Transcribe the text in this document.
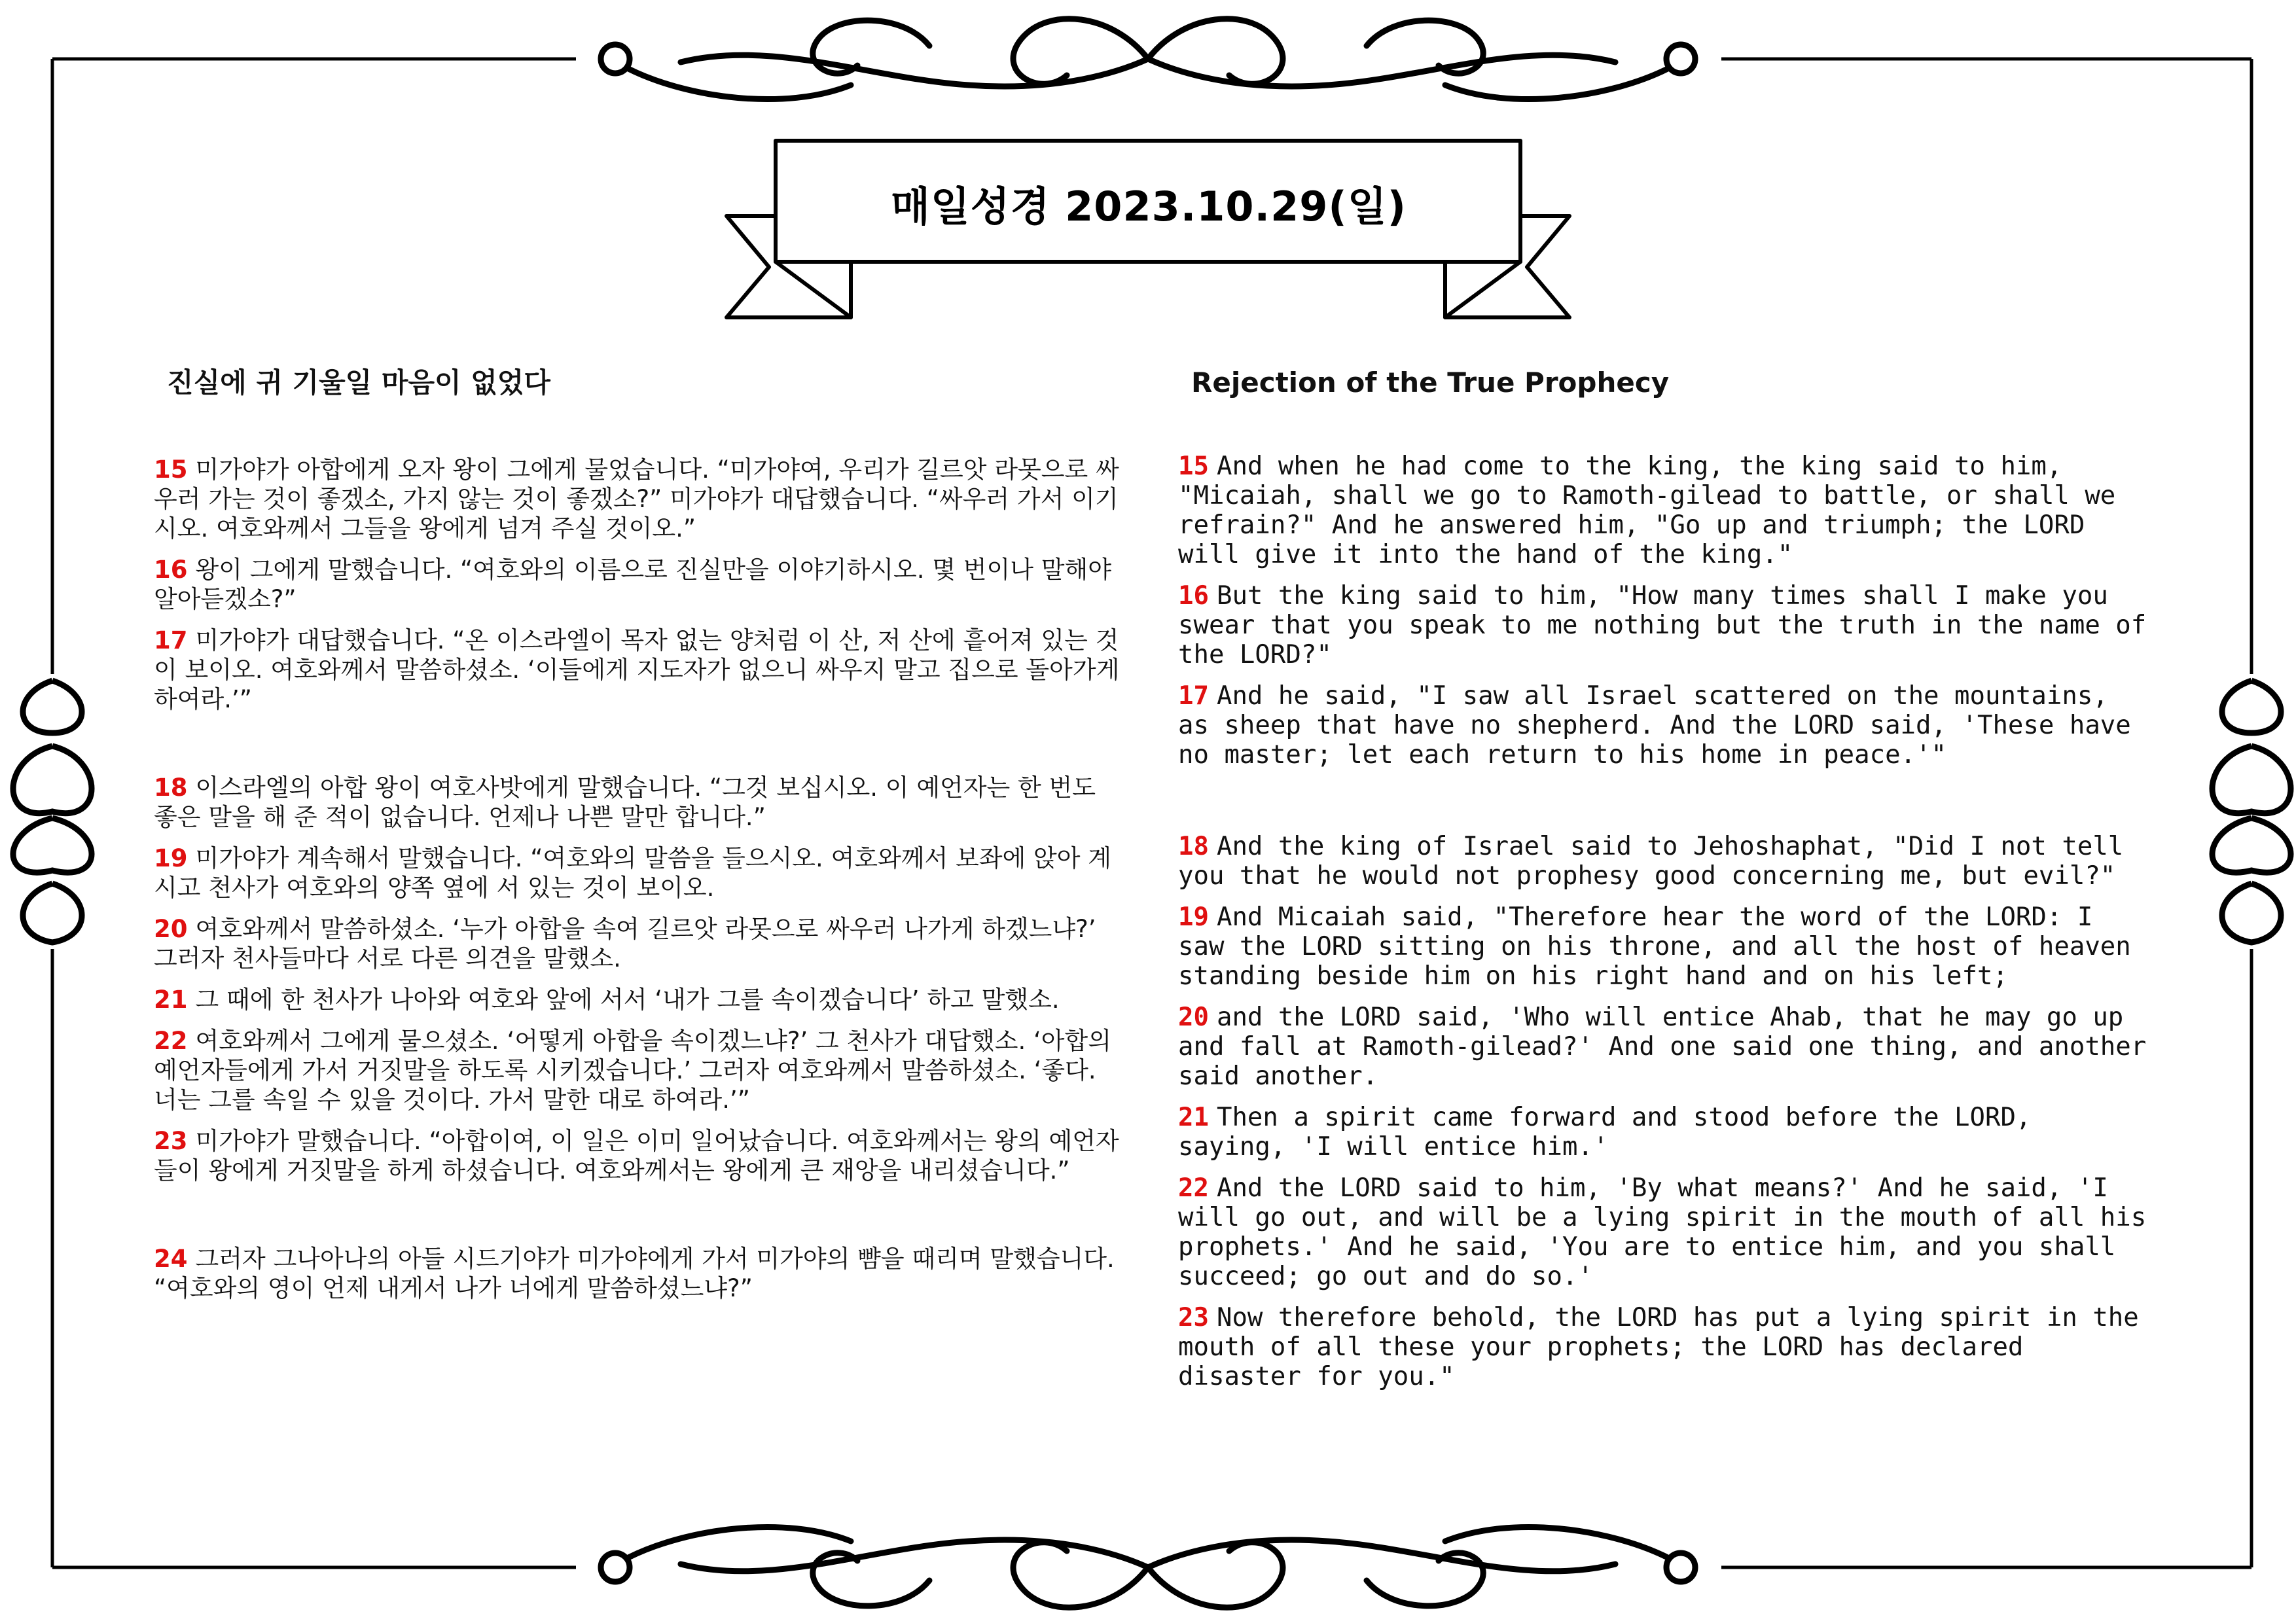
매일성경 2023.10.29(일)
진실에 귀 기울일 마음이 없었다

15 미가야가 아합에게 오자 왕이 그에게 물었습니다. “미가야여, 우리가 길르앗 라못으로 싸우러 가는 것이 좋겠소, 가지 않는 것이 좋겠소?” 미가야가 대답했습니다. “싸우러 가서 이기시오. 여호와께서 그들을 왕에게 넘겨 주실 것이오.”

16 왕이 그에게 말했습니다. “여호와의 이름으로 진실만을 이야기하시오. 몇 번이나 말해야 알아듣겠소?”

17 미가야가 대답했습니다. “온 이스라엘이 목자 없는 양처럼 이 산, 저 산에 흩어져 있는 것이 보이오. 여호와께서 말씀하셨소. ‘이들에게 지도자가 없으니 싸우지 말고 집으로 돌아가게 하여라.’”

18 이스라엘의 아합 왕이 여호사밧에게 말했습니다. “그것 보십시오. 이 예언자는 한 번도 좋은 말을 해 준 적이 없습니다. 언제나 나쁜 말만 합니다.”

19 미가야가 계속해서 말했습니다. “여호와의 말씀을 들으시오. 여호와께서 보좌에 앉아 계시고 천사가 여호와의 양쪽 옆에 서 있는 것이 보이오.

20 여호와께서 말씀하셨소. ‘누가 아합을 속여 길르앗 라못으로 싸우러 나가게 하겠느냐?’ 그러자 천사들마다 서로 다른 의견을 말했소.

21 그 때에 한 천사가 나아와 여호와 앞에 서서 ‘내가 그를 속이겠습니다’ 하고 말했소.

22 여호와께서 그에게 물으셨소. ‘어떻게 아합을 속이겠느냐?’ 그 천사가 대답했소. ‘아합의 예언자들에게 가서 거짓말을 하도록 시키겠습니다.’ 그러자 여호와께서 말씀하셨소. ‘좋다. 너는 그를 속일 수 있을 것이다. 가서 말한 대로 하여라.’”

23 미가야가 말했습니다. “아합이여, 이 일은 이미 일어났습니다. 여호와께서는 왕의 예언자들이 왕에게 거짓말을 하게 하셨습니다. 여호와께서는 왕에게 큰 재앙을 내리셨습니다.”

24 그러자 그나아나의 아들 시드기야가 미가야에게 가서 미가야의 뺨을 때리며 말했습니다. “여호와의 영이 언제 내게서 나가 너에게 말씀하셨느냐?”

Rejection of the True Prophecy

15 And when he had come to the king, the king said to him, "Micaiah, shall we go to Ramoth-gilead to battle, or shall we refrain?" And he answered him, "Go up and triumph; the LORD will give it into the hand of the king."

16 But the king said to him, "How many times shall I make you swear that you speak to me nothing but the truth in the name of the LORD?"

17 And he said, "I saw all Israel scattered on the mountains, as sheep that have no shepherd. And the LORD said, 'These have no master; let each return to his home in peace.'"

18 And the king of Israel said to Jehoshaphat, "Did I not tell you that he would not prophesy good concerning me, but evil?"

19 And Micaiah said, "Therefore hear the word of the LORD: I saw the LORD sitting on his throne, and all the host of heaven standing beside him on his right hand and on his left;

20 and the LORD said, 'Who will entice Ahab, that he may go up and fall at Ramoth-gilead?' And one said one thing, and another said another.

21 Then a spirit came forward and stood before the LORD, saying, 'I will entice him.'

22 And the LORD said to him, 'By what means?' And he said, 'I will go out, and will be a lying spirit in the mouth of all his prophets.' And he said, 'You are to entice him, and you shall succeed; go out and do so.'

23 Now therefore behold, the LORD has put a lying spirit in the mouth of all these your prophets; the LORD has declared disaster for you."
